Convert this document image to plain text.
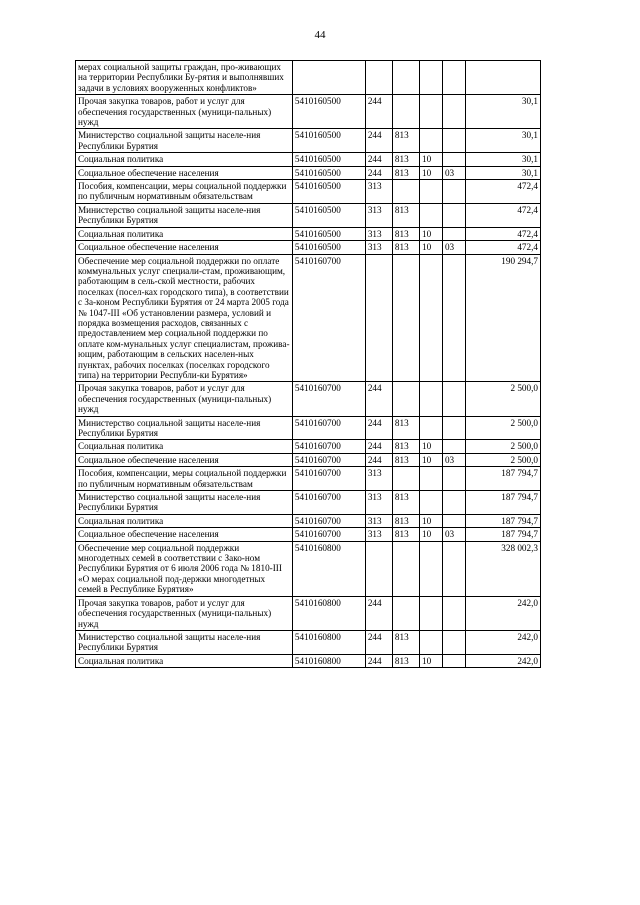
44
мерах социальной защиты граждан, про-живающих на территории Республики Бу-рятия и выполнявших задачи в условиях вооруженных конфликтов»						
Прочая закупка товаров, работ и услуг для обеспечения государственных (муници-пальных) нужд	5410160500	244				30,1
Министерство социальной защиты населе-ния Республики Бурятия	5410160500	244	813			30,1
Социальная политика	5410160500	244	813	10		30,1
Социальное обеспечение населения	5410160500	244	813	10	03	30,1
Пособия, компенсации, меры социальной поддержки по публичным нормативным обязательствам	5410160500	313				472,4
Министерство социальной защиты населе-ния Республики Бурятия	5410160500	313	813			472,4
Социальная политика	5410160500	313	813	10		472,4
Социальное обеспечение населения	5410160500	313	813	10	03	472,4
Обеспечение мер социальной поддержки по оплате коммунальных услуг специали-стам, проживающим, работающим в сель-ской местности, рабочих поселках (посел-ках городского типа), в соответствии с За-коном Республики Бурятия от 24 марта 2005 года № 1047-III «Об установлении размера, условий и порядка возмещения расходов, связанных с предоставлением мер социальной поддержки по оплате ком-мунальных услуг специалистам, прожива-ющим, работающим в сельских населен-ных пунктах, рабочих поселках (поселках городского типа) на территории Республи-ки Бурятия»	5410160700					190 294,7
Прочая закупка товаров, работ и услуг для обеспечения государственных (муници-пальных) нужд	5410160700	244				2 500,0
Министерство социальной защиты населе-ния Республики Бурятия	5410160700	244	813			2 500,0
Социальная политика	5410160700	244	813	10		2 500,0
Социальное обеспечение населения	5410160700	244	813	10	03	2 500,0
Пособия, компенсации, меры социальной поддержки по публичным нормативным обязательствам	5410160700	313				187 794,7
Министерство социальной защиты населе-ния Республики Бурятия	5410160700	313	813			187 794,7
Социальная политика	5410160700	313	813	10		187 794,7
Социальное обеспечение населения	5410160700	313	813	10	03	187 794,7
Обеспечение мер социальной поддержки многодетных семей в соответствии с Зако-ном Республики Бурятия от 6 июля 2006 года № 1810-III «О мерах социальной под-держки многодетных семей в Республике Бурятия»	5410160800					328 002,3
Прочая закупка товаров, работ и услуг для обеспечения государственных (муници-пальных) нужд	5410160800	244				242,0
Министерство социальной защиты населе-ния Республики Бурятия	5410160800	244	813			242,0
Социальная политика	5410160800	244	813	10		242,0
